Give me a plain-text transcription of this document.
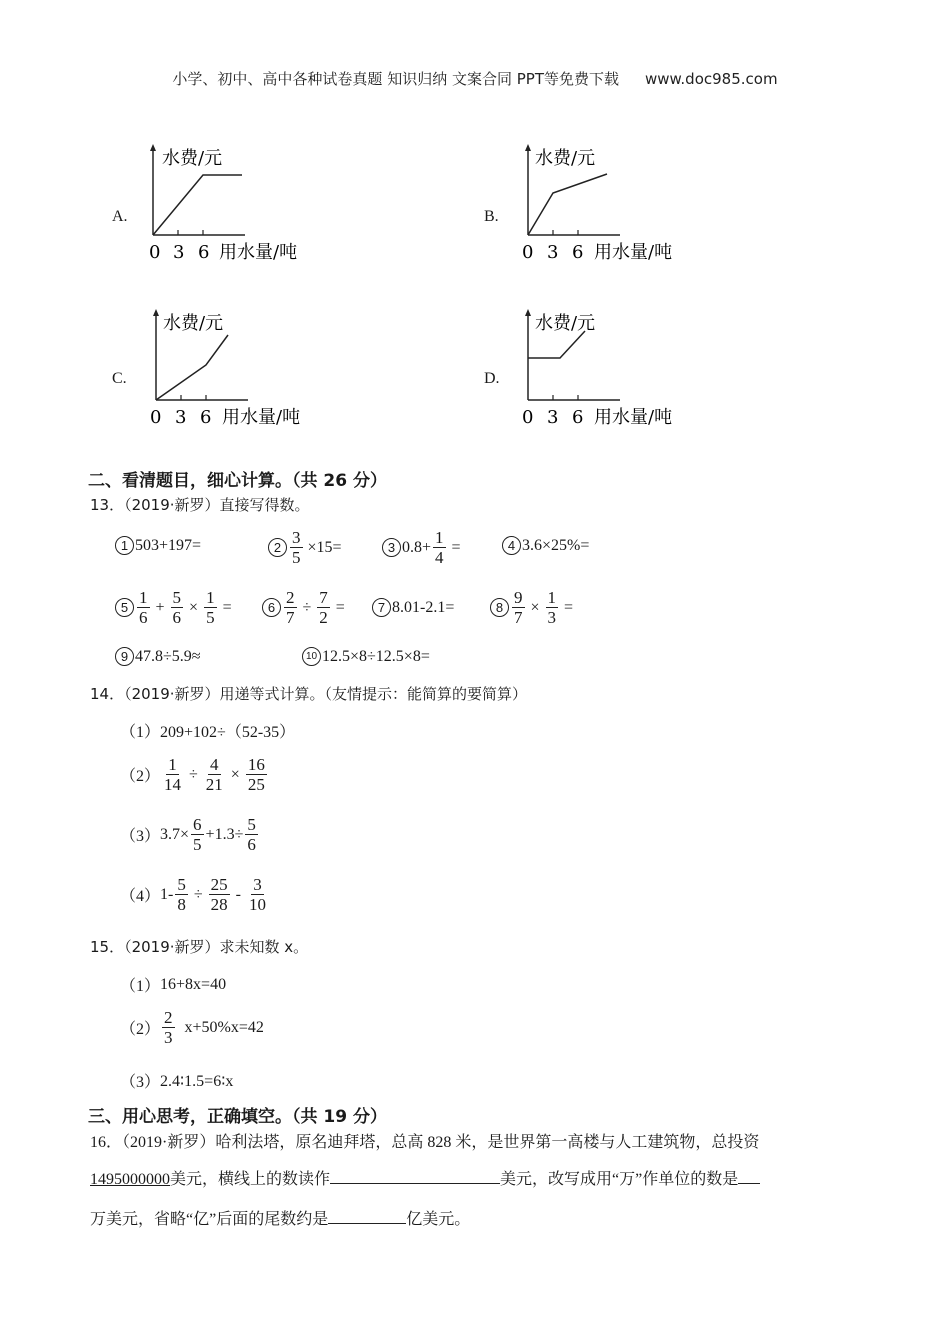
小学、初中、高中各种试卷真题 知识归纳 文案合同 PPT等免费下载 www.doc985.com
A.
水费/元
0 3 6 用水量/吨
B.
水费/元
0 3 6 用水量/吨
C.
水费/元
0 3 6 用水量/吨
D.
水费/元
0 3 6 用水量/吨
二、看清题目，细心计算。（共 26 分）
13．（2019·新罗）直接写得数。
1 503+197=	$2 \frac{3}{5} \times 15=$	3 $0.8+ \frac{1}{4}$ =	4 3.6×25%=
$5 \frac{1}{6} + \frac{5}{6} \times \frac{1}{5}$ =	$6 \frac{2}{7} \div \frac{7}{2}$ =	7 8.01-2.1=	$8 \frac{9}{7} \times \frac{1}{3}$ =
9 47.8÷5.9≈	10 12.5×8÷12.5×8=
14．（2019·新罗）用递等式计算。（友情提示：能简算的要简算）
（1） 209+102÷（52-35）
$(2) \frac{1}{14} \div \frac{4}{21} \times \frac{16}{25}$
（3） $3.7\times \frac{6}{5} +1.3\div \frac{5}{6}$
（4） $1- \frac{5}{8} \div \frac{25}{28} - \frac{3}{10}$
15．（2019·新罗）求未知数 x。
（1） 16+8x=40
$(2) \frac{2}{3} x+50\%x=42$
（3） 2.4∶1.5=6∶x
三、用心思考，正确填空。（共 19 分）
16．（2019·新罗）哈利法塔，原名迪拜塔，总高 828 米，是世界第一高楼与人工建筑物，总投资
1495000000美元，横线上的数读作	美元，改写成用“万”作单位的数是
万美元，省略“亿”后面的尾数约是	亿美元。
